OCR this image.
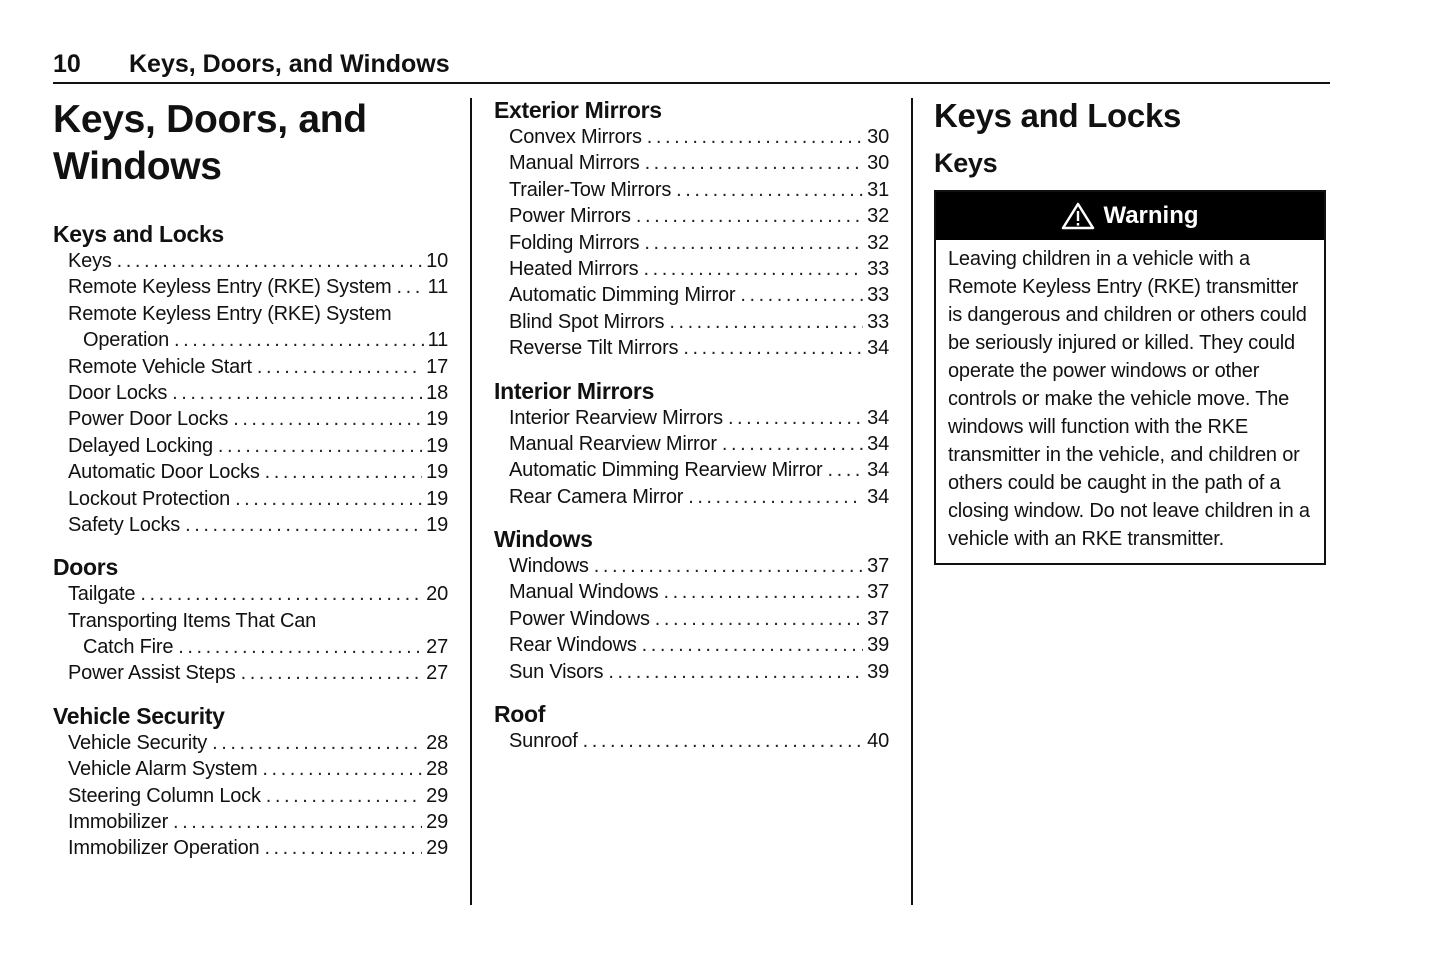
10 Keys, Doors, and Windows
Keys, Doors, and
Windows
Keys and Locks
Keys . . .	10
Remote Keyless Entry (RKE) System . . . 11
Remote Keyless Entry (RKE) System
Operation . . .	11
Remote Vehicle Start . . .	17
Door Locks . . .	18
Power Door Locks . . .	19
Delayed Locking . . .	19
Automatic Door Locks . . .	19
Lockout Protection . . .	19
Safety Locks . . .	19
Doors
Tailgate . . .	20
Transporting Items That Can
Catch Fire . . .	27
Power Assist Steps . . .	27
Vehicle Security
Vehicle Security . . .	28
Vehicle Alarm System . . .	28
Steering Column Lock . . .	29
Immobilizer . . .	29
Immobilizer Operation . . .	29
Exterior Mirrors
Convex Mirrors . . .	30
Manual Mirrors . . .	30
Trailer-Tow Mirrors . . .	31
Power Mirrors . . .	32
Folding Mirrors . . .	32
Heated Mirrors . . .	33
Automatic Dimming Mirror . . .	33
Blind Spot Mirrors . . .	33
Reverse Tilt Mirrors . . .	34
Interior Mirrors
Interior Rearview Mirrors . . .	34
Manual Rearview Mirror . . .	34
Automatic Dimming Rearview Mirror . . . 34
Rear Camera Mirror . . .	34
Windows
Windows . . .	37
Manual Windows . . .	37
Power Windows . . .	37
Rear Windows . . .	39
Sun Visors . . .	39
Roof
Sunroof . . .	40
Keys and Locks
Keys
Warning
Leaving children in a vehicle with a Remote Keyless Entry (RKE) transmitter is dangerous and children or others could be seriously injured or killed. They could operate the power windows or other controls or make the vehicle move. The windows will function with the RKE transmitter in the vehicle, and children or others could be caught in the path of a closing window. Do not leave children in a vehicle with an RKE transmitter.
